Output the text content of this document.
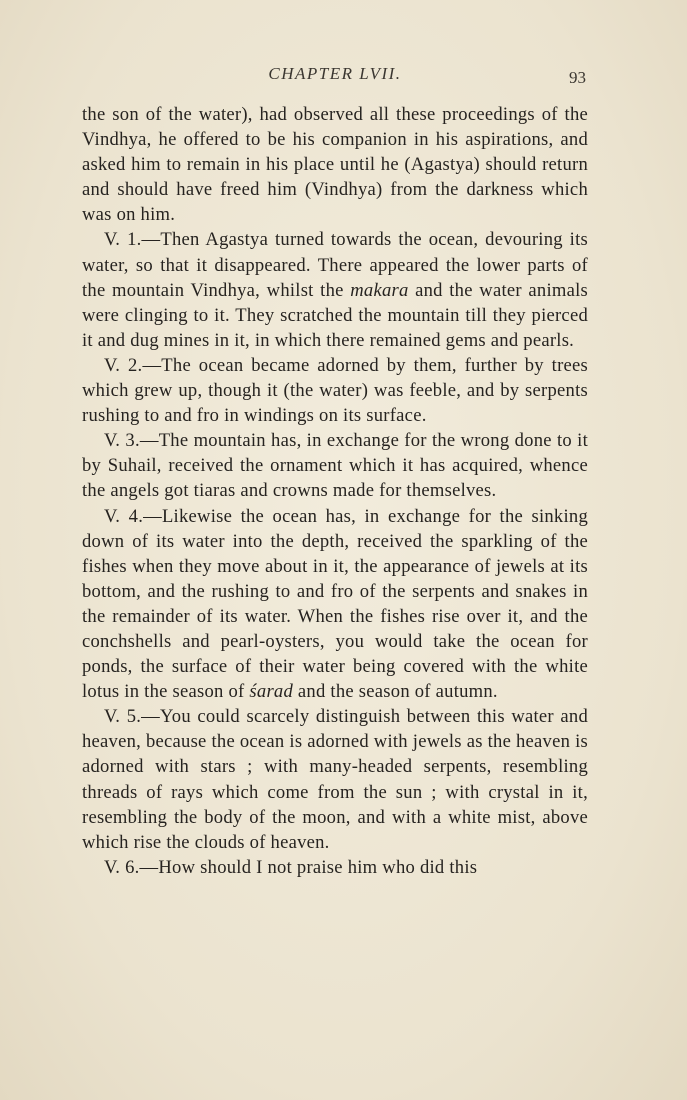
CHAPTER LVII.	93

the son of the water), had observed all these proceedings of the Vindhya, he offered to be his companion in his aspirations, and asked him to remain in his place until he (Agastya) should return and should have freed him (Vindhya) from the darkness which was on him.

V. 1.—Then Agastya turned towards the ocean, devouring its water, so that it disappeared. There appeared the lower parts of the mountain Vindhya, whilst the makara and the water animals were clinging to it. They scratched the mountain till they pierced it and dug mines in it, in which there remained gems and pearls.

V. 2.—The ocean became adorned by them, further by trees which grew up, though it (the water) was feeble, and by serpents rushing to and fro in windings on its surface.

V. 3.—The mountain has, in exchange for the wrong done to it by Suhail, received the ornament which it has acquired, whence the angels got tiaras and crowns made for themselves.

V. 4.—Likewise the ocean has, in exchange for the sinking down of its water into the depth, received the sparkling of the fishes when they move about in it, the appearance of jewels at its bottom, and the rushing to and fro of the serpents and snakes in the remainder of its water. When the fishes rise over it, and the conchshells and pearl-oysters, you would take the ocean for ponds, the surface of their water being covered with the white lotus in the season of śarad and the season of autumn.

V. 5.—You could scarcely distinguish between this water and heaven, because the ocean is adorned with jewels as the heaven is adorned with stars ; with many-headed serpents, resembling threads of rays which come from the sun ; with crystal in it, resembling the body of the moon, and with a white mist, above which rise the clouds of heaven.

V. 6.—How should I not praise him who did this
